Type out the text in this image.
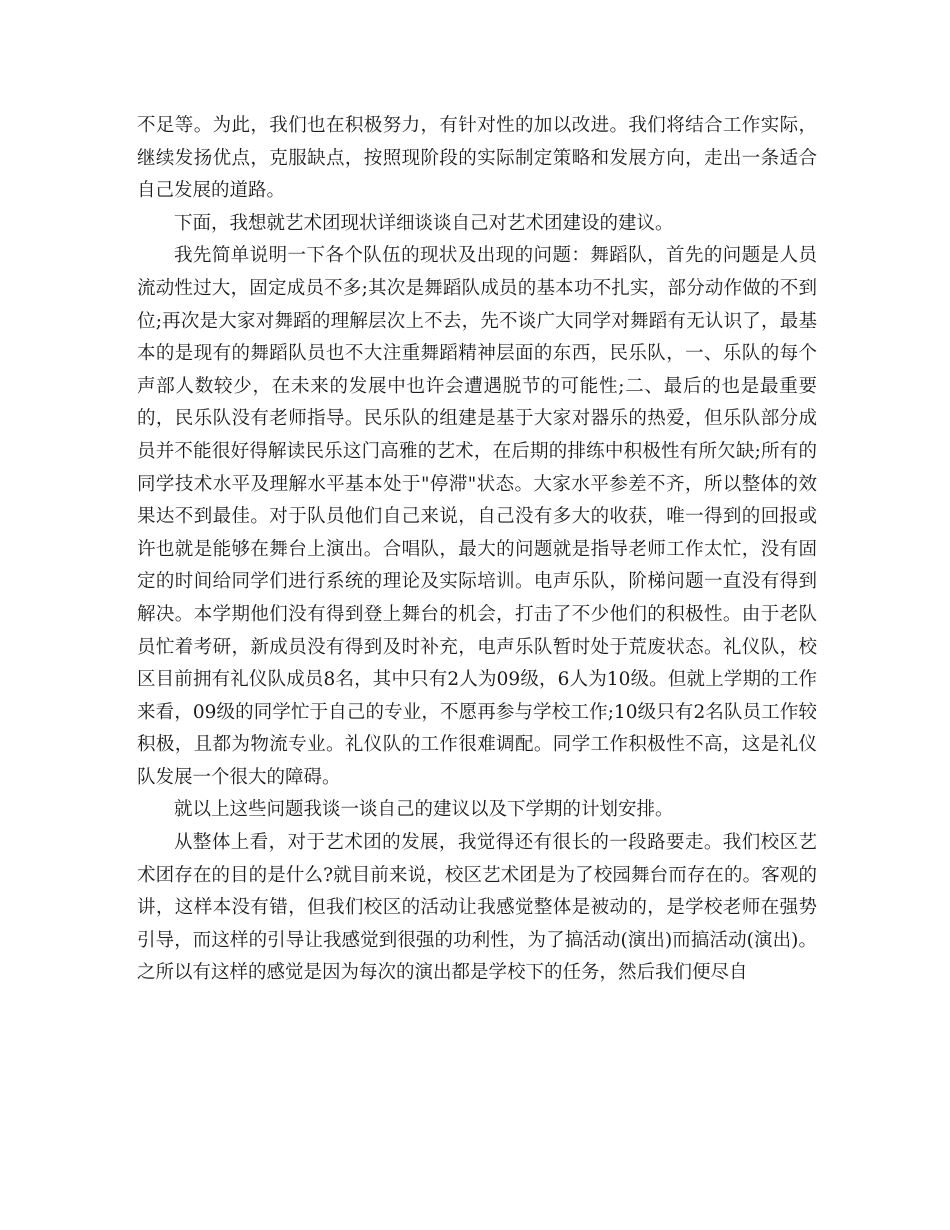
不足等。为此，我们也在积极努力，有针对性的加以改进。我们将结合工作实际，继续发扬优点，克服缺点，按照现阶段的实际制定策略和发展方向，走出一条适合自己发展的道路。

下面，我想就艺术团现状详细谈谈自己对艺术团建设的建议。

我先简单说明一下各个队伍的现状及出现的问题：舞蹈队，首先的问题是人员流动性过大，固定成员不多;其次是舞蹈队成员的基本功不扎实，部分动作做的不到位;再次是大家对舞蹈的理解层次上不去，先不谈广大同学对舞蹈有无认识了，最基本的是现有的舞蹈队员也不大注重舞蹈精神层面的东西，民乐队，一、乐队的每个声部人数较少，在未来的发展中也许会遭遇脱节的可能性;二、最后的也是最重要的，民乐队没有老师指导。民乐队的组建是基于大家对器乐的热爱，但乐队部分成员并不能很好得解读民乐这门高雅的艺术，在后期的排练中积极性有所欠缺;所有的同学技术水平及理解水平基本处于"停滞"状态。大家水平参差不齐，所以整体的效果达不到最佳。对于队员他们自己来说，自己没有多大的收获，唯一得到的回报或许也就是能够在舞台上演出。合唱队，最大的问题就是指导老师工作太忙，没有固定的时间给同学们进行系统的理论及实际培训。电声乐队，阶梯问题一直没有得到解决。本学期他们没有得到登上舞台的机会，打击了不少他们的积极性。由于老队员忙着考研，新成员没有得到及时补充，电声乐队暂时处于荒废状态。礼仪队，校区目前拥有礼仪队成员8名，其中只有2人为09级，6人为10级。但就上学期的工作来看，09级的同学忙于自己的专业，不愿再参与学校工作;10级只有2名队员工作较积极，且都为物流专业。礼仪队的工作很难调配。同学工作积极性不高，这是礼仪队发展一个很大的障碍。

就以上这些问题我谈一谈自己的建议以及下学期的计划安排。

从整体上看，对于艺术团的发展，我觉得还有很长的一段路要走。我们校区艺术团存在的目的是什么?就目前来说，校区艺术团是为了校园舞台而存在的。客观的讲，这样本没有错，但我们校区的活动让我感觉整体是被动的，是学校老师在强势引导，而这样的引导让我感觉到很强的功利性，为了搞活动(演出)而搞活动(演出)。之所以有这样的感觉是因为每次的演出都是学校下的任务，然后我们便尽自
